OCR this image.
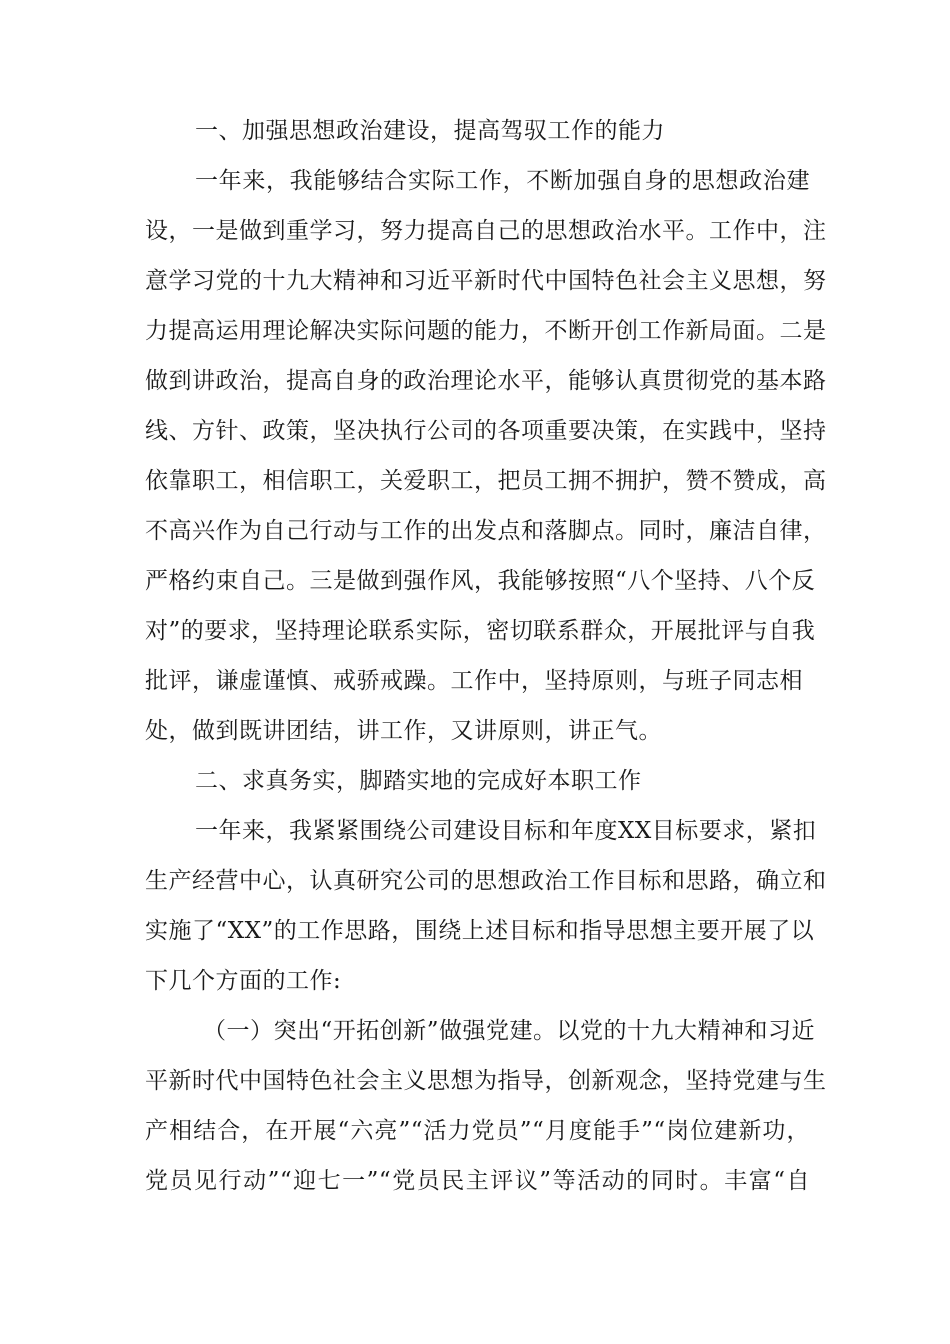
一、加强思想政治建设，提高驾驭工作的能力
一年来，我能够结合实际工作，不断加强自身的思想政治建
设，一是做到重学习，努力提高自己的思想政治水平。工作中，注
意学习党的十九大精神和习近平新时代中国特色社会主义思想，努
力提高运用理论解决实际问题的能力，不断开创工作新局面。二是
做到讲政治，提高自身的政治理论水平，能够认真贯彻党的基本路
线、方针、政策，坚决执行公司的各项重要决策，在实践中，坚持
依靠职工，相信职工，关爱职工，把员工拥不拥护，赞不赞成，高
不高兴作为自己行动与工作的出发点和落脚点。同时，廉洁自律，
严格约束自己。三是做到强作风，我能够按照“八个坚持、八个反
对”的要求，坚持理论联系实际，密切联系群众，开展批评与自我
批评，谦虚谨慎、戒骄戒躁。工作中，坚持原则，与班子同志相
处，做到既讲团结，讲工作，又讲原则，讲正气。
二、求真务实，脚踏实地的完成好本职工作
一年来，我紧紧围绕公司建设目标和年度XX目标要求，紧扣
生产经营中心，认真研究公司的思想政治工作目标和思路，确立和
实施了“XX”的工作思路，围绕上述目标和指导思想主要开展了以
下几个方面的工作:
（一）突出“开拓创新”做强党建。以党的十九大精神和习近
平新时代中国特色社会主义思想为指导，创新观念，坚持党建与生
产相结合，在开展“六亮”“活力党员”“月度能手”“岗位建新功，
党员见行动”“迎七一”“党员民主评议”等活动的同时。丰富“自
